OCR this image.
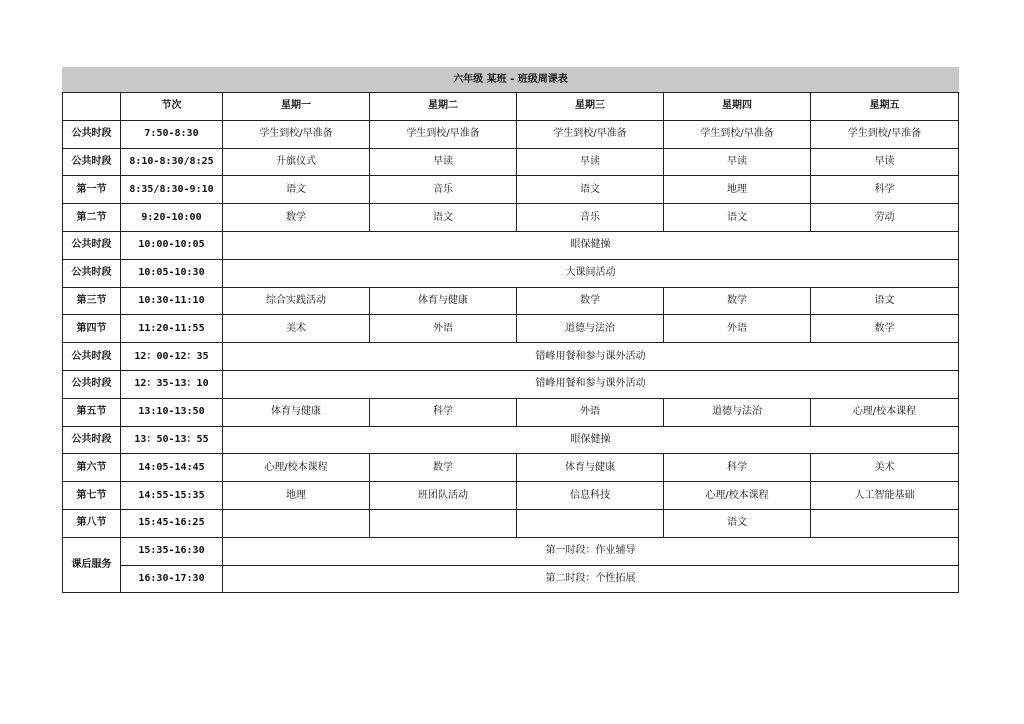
六年级 某班 - 班级周课表						
	节次	星期一	星期二	星期三	星期四	星期五
公共时段	7:50-8:30	学生到校/早准备	学生到校/早准备	学生到校/早准备	学生到校/早准备	学生到校/早准备
公共时段	8:10-8:30/8:25	升旗仪式	早读	早读	早读	早读
第一节	8:35/8:30-9:10	语文	音乐	语文	地理	科学
第二节	9:20-10:00	数学	语文	音乐	语文	劳动
公共时段	10:00-10:05	眼保健操				
公共时段	10:05-10:30	大课间活动				
第三节	10:30-11:10	综合实践活动	体育与健康	数学	数学	语文
第四节	11:20-11:55	美术	外语	道德与法治	外语	数学
公共时段	12：00-12：35	错峰用餐和参与课外活动				
公共时段	12：35-13：10	错峰用餐和参与课外活动				
第五节	13:10-13:50	体育与健康	科学	外语	道德与法治	心理/校本课程
公共时段	13：50-13：55	眼保健操				
第六节	14:05-14:45	心理/校本课程	数学	体育与健康	科学	美术
第七节	14:55-15:35	地理	班团队活动	信息科技	心理/校本课程	人工智能基础
第八节	15:45-16:25				语文	
课后服务	15:35-16:30	第一时段：作业辅导				
	16:30-17:30	第二时段：个性拓展				
